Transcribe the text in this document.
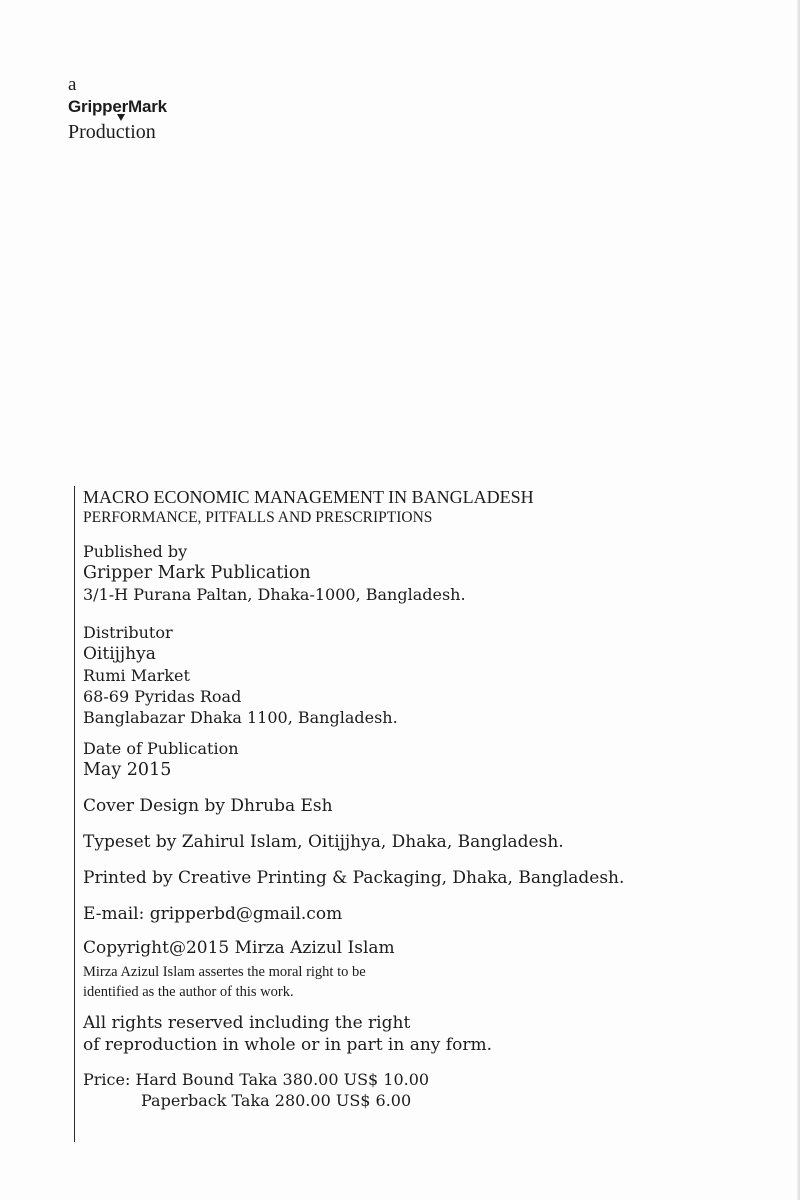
a
GripperMark
Production
MACRO ECONOMIC MANAGEMENT IN BANGLADESH
PERFORMANCE, PITFALLS AND PRESCRIPTIONS
Published by
Gripper Mark Publication
3/1-H Purana Paltan, Dhaka-1000, Bangladesh.
Distributor
Oitijjhya
Rumi Market
68-69 Pyridas Road
Banglabazar Dhaka 1100, Bangladesh.
Date of Publication
May 2015
Cover Design by Dhruba Esh
Typeset by Zahirul Islam, Oitijjhya, Dhaka, Bangladesh.
Printed by Creative Printing & Packaging, Dhaka, Bangladesh.
E-mail: gripperbd@gmail.com
Copyright@2015 Mirza Azizul Islam
Mirza Azizul Islam assertes the moral right to be
identified as the author of this work.
All rights reserved including the right
of reproduction in whole or in part in any form.
Price: Hard Bound Taka 380.00 US$ 10.00
Paperback Taka 280.00 US$ 6.00
